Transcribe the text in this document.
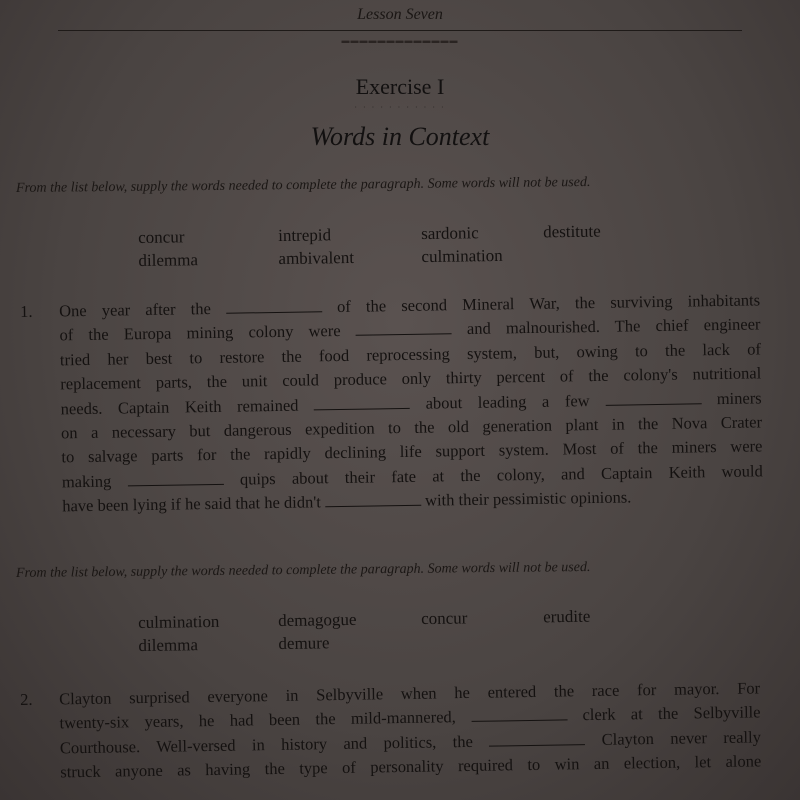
Lesson Seven
▬▬▬▬▬▬▬▬▬▬▬▬▬
Exercise I
· · · · · · · · · · ·
Words in Context
From the list below, supply the words needed to complete the paragraph. Some words will not be used.
concur	intrepid	sardonic	destitute
dilemma	ambivalent	culmination
1. One year after the	of the second Mineral War, the surviving inhabitants
of the Europa mining colony were	and malnourished. The chief engineer
tried her best to restore the food reprocessing system, but, owing to the lack of
replacement parts, the unit could produce only thirty percent of the colony's nutritional
needs. Captain Keith remained	about leading a few	miners
on a necessary but dangerous expedition to the old generation plant in the Nova Crater
to salvage parts for the rapidly declining life support system. Most of the miners were
making	quips about their fate at the colony, and Captain Keith would
have been lying if he said that he didn't	with their pessimistic opinions.
From the list below, supply the words needed to complete the paragraph. Some words will not be used.
culmination	demagogue	concur	erudite
dilemma	demure
2. Clayton surprised everyone in Selbyville when he entered the race for mayor. For
twenty-six years, he had been the mild-mannered,	clerk at the Selbyville
Courthouse. Well-versed in history and politics, the	Clayton never really
struck anyone as having the type of personality required to win an election, let alone
